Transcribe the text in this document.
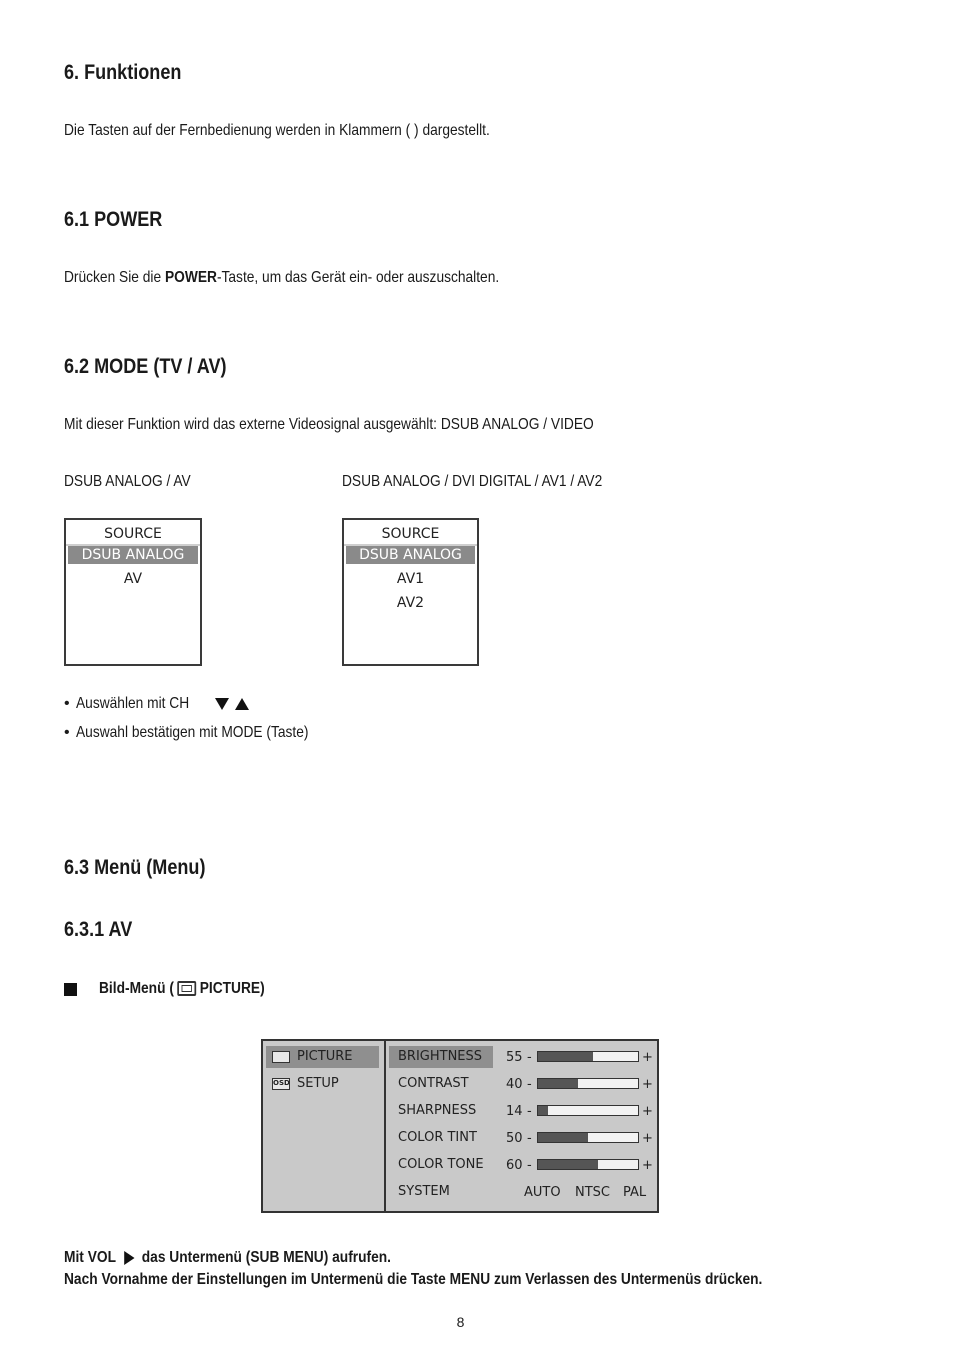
6. Funktionen
Die Tasten auf der Fernbedienung werden in Klammern ( ) dargestellt.
6.1 POWER
Drücken Sie die POWER-Taste, um das Gerät ein- oder auszuschalten.
6.2 MODE (TV / AV)
Mit dieser Funktion wird das externe Videosignal ausgewählt: DSUB ANALOG / VIDEO
DSUB ANALOG / AV	DSUB ANALOG / DVI DIGITAL / AV1 / AV2
SOURCE
DSUB ANALOG
AV
SOURCE
DSUB ANALOG
AV1
AV2
• Auswählen mit CH
• Auswahl bestätigen mit MODE (Taste)
6.3 Menü (Menu)
6.3.1 AV
Bild-Menü ( PICTURE)
PICTURE
OSD SETUP
BRIGHTNESS	55 -	+
CONTRAST	40 -	+
SHARPNESS	14 -	+
COLOR TINT	50 -	+
COLOR TONE	60 -	+
SYSTEM	AUTO NTSC PAL
Mit VOL das Untermenü (SUB MENU) aufrufen.
Nach Vornahme der Einstellungen im Untermenü die Taste MENU zum Verlassen des Untermenüs drücken.
8
